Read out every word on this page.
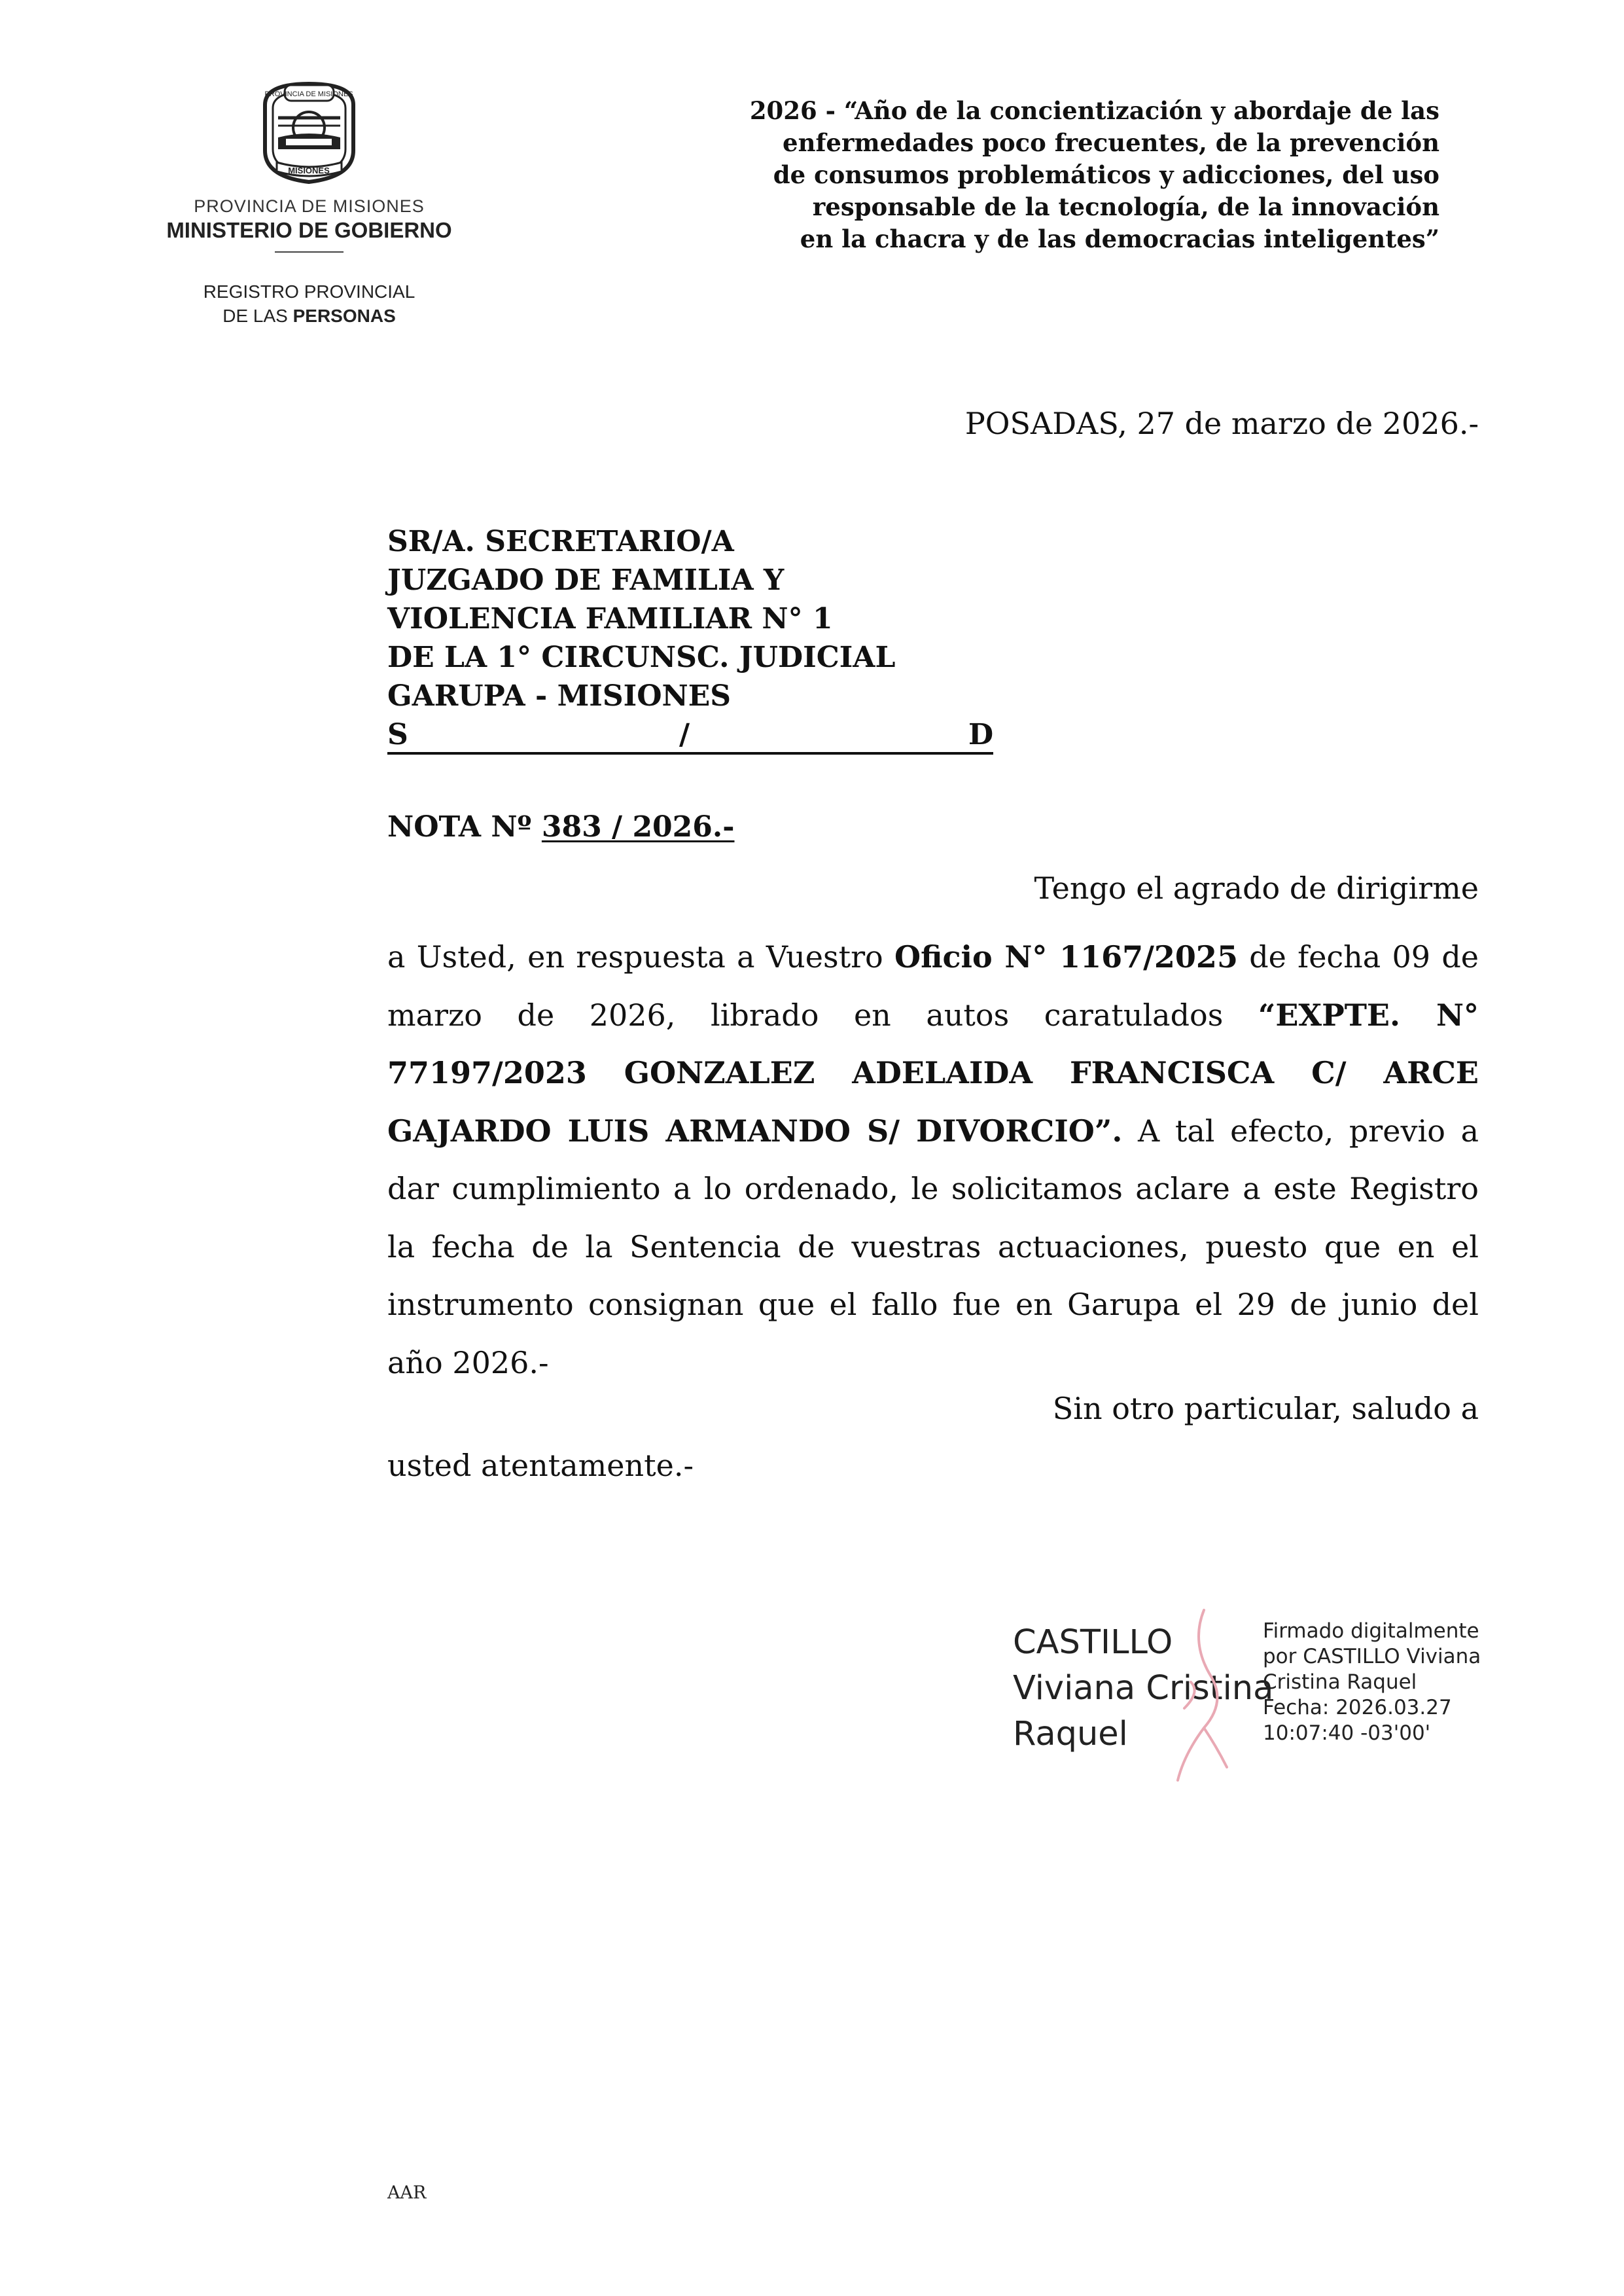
PROVINCIA DE MISIONES
MISIONES
PROVINCIA DE MISIONES
MINISTERIO DE GOBIERNO
REGISTRO PROVINCIAL
DE LAS PERSONAS
2026 - “Año de la concientización y abordaje de las
enfermedades poco frecuentes, de la prevención
de consumos problemáticos y adicciones, del uso
responsable de la tecnología, de la innovación
en la chacra y de las democracias inteligentes”
POSADAS, 27 de marzo de 2026.-
SR/A. SECRETARIO/A
JUZGADO DE FAMILIA Y
VIOLENCIA FAMILIAR N° 1
DE LA 1° CIRCUNSC. JUDICIAL
GARUPA - MISIONES
S	/	D
NOTA Nº 383 / 2026.-
Tengo el agrado de dirigirme
a Usted, en respuesta a Vuestro Oficio N° 1167/2025 de fecha 09 de marzo de 2026, librado en autos caratulados “EXPTE. N° 77197/2023 GONZALEZ ADELAIDA FRANCISCA C/ ARCE GAJARDO LUIS ARMANDO S/ DIVORCIO”. A tal efecto, previo a dar cumplimiento a lo ordenado, le solicitamos aclare a este Registro la fecha de la Sentencia de vuestras actuaciones, puesto que en el instrumento consignan que el fallo fue en Garupa el 29 de junio del año 2026.-
Sin otro particular, saludo a
usted atentamente.-
CASTILLO
Viviana Cristina
Raquel
Firmado digitalmente
por CASTILLO Viviana
Cristina Raquel
Fecha: 2026.03.27
10:07:40 -03'00'
AAR
